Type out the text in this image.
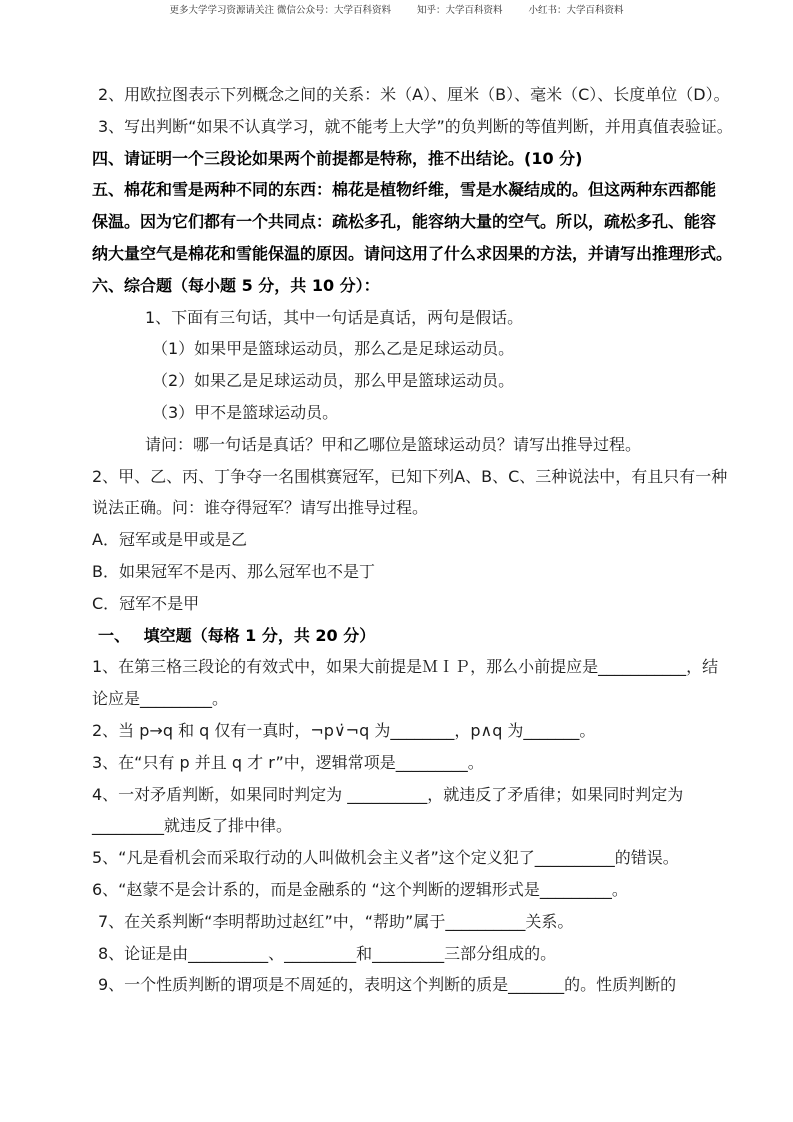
更多大学学习资源请关注 微信公众号：大学百科资料	知乎：大学百科资料	小红书：大学百科资料
2、用欧拉图表示下列概念之间的关系：米（A）、厘米（B）、毫米（C）、长度单位（D）。
3、写出判断“如果不认真学习，就不能考上大学”的负判断的等值判断，并用真值表验证。
四、请证明一个三段论如果两个前提都是特称，推不出结论。(10 分)
五、棉花和雪是两种不同的东西：棉花是植物纤维，雪是水凝结成的。但这两种东西都能
保温。因为它们都有一个共同点：疏松多孔，能容纳大量的空气。所以，疏松多孔、能容
纳大量空气是棉花和雪能保温的原因。请问这用了什么求因果的方法，并请写出推理形式。
六、综合题（每小题 5 分，共 10 分）：
1、下面有三句话，其中一句话是真话，两句是假话。
（1）如果甲是篮球运动员，那么乙是足球运动员。
（2）如果乙是足球运动员，那么甲是篮球运动员。
（3）甲不是篮球运动员。
请问：哪一句话是真话？甲和乙哪位是篮球运动员？请写出推导过程。
2、甲、乙、丙、丁争夺一名围棋赛冠军，已知下列A、B、C、三种说法中，有且只有一种
说法正确。问：谁夺得冠军？请写出推导过程。
A．冠军或是甲或是乙
B．如果冠军不是丙、那么冠军也不是丁
C．冠军不是甲
一、　 填空题（每格 1 分，共 20 分）
1、在第三格三段论的有效式中，如果大前提是ＭＩＰ，那么小前提应是___________，结
论应是_________。
2、当 p→q 和 q 仅有一真时，¬p∨̇¬q 为________，p∧q 为_______。
3、在“只有 p 并且 q 才 r”中，逻辑常项是_________。
4、一对矛盾判断，如果同时判定为 __________，就违反了矛盾律；如果同时判定为
_________就违反了排中律。
5、“凡是看机会而采取行动的人叫做机会主义者”这个定义犯了__________的错误。
6、“赵蒙不是会计系的，而是金融系的 “这个判断的逻辑形式是_________。
7、在关系判断“李明帮助过赵红”中，“帮助”属于__________关系。
8、论证是由__________、_________和_________三部分组成的。
9、一个性质判断的谓项是不周延的，表明这个判断的质是_______的。性质判断的
